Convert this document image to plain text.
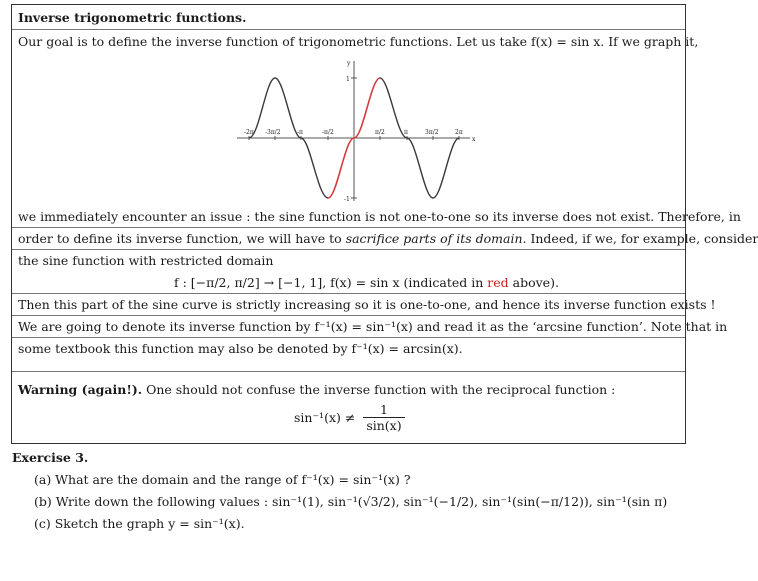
Inverse trigonometric functions.
Our goal is to define the inverse function of trigonometric functions. Let us take f(x) = sin x. If we graph it,
-2π -3π/2	-π	-π/2	π/2	π	3π/2	2π
y
x
1
-1
we immediately encounter an issue : the sine function is not one-to-one so its inverse does not exist. Therefore, in
order to define its inverse function, we will have to sacrifice parts of its domain. Indeed, if we, for example, consider
the sine function with restricted domain
f : [−π/2, π/2] → [−1, 1], f(x) = sin x (indicated in red above).
Then this part of the sine curve is strictly increasing so it is one-to-one, and hence its inverse function exists !
We are going to denote its inverse function by f⁻¹(x) = sin⁻¹(x) and read it as the ‘arcsine function’. Note that in
some textbook this function may also be denoted by f⁻¹(x) = arcsin(x).
Warning (again!). One should not confuse the inverse function with the reciprocal function :
$\sin^{-1}(x) \ne \frac{1}{\sin(x)}$
Exercise 3.
(a) What are the domain and the range of f⁻¹(x) = sin⁻¹(x) ?
(b) Write down the following values : sin⁻¹(1), sin⁻¹(√3/2), sin⁻¹(−1/2), sin⁻¹(sin(−π/12)), sin⁻¹(sin π)
(c) Sketch the graph y = sin⁻¹(x).
